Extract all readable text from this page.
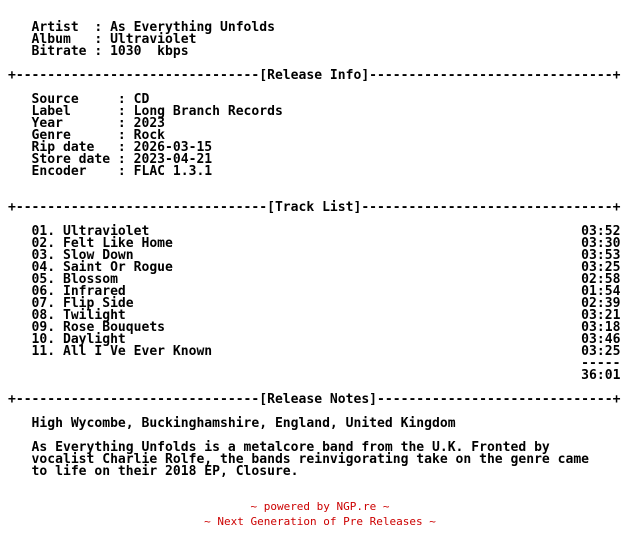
Artist  : As Everything Unfolds
Album   : Ultraviolet
Bitrate : 1030  kbps
+-------------------------------[Release Info]-------------------------------+
Source     : CD
Label      : Long Branch Records
Year       : 2023
Genre      : Rock
Rip date   : 2026-03-15
Store date : 2023-04-21
Encoder    : FLAC 1.3.1
+--------------------------------[Track List]--------------------------------+
01. Ultraviolet                                                       03:52
02. Felt Like Home                                                    03:30
03. Slow Down                                                         03:53
04. Saint Or Rogue                                                    03:25
05. Blossom                                                           02:58
06. Infrared                                                          01:54
07. Flip Side                                                         02:39
08. Twilight                                                          03:21
09. Rose Bouquets                                                     03:18
10. Daylight                                                          03:46
11. All I Ve Ever Known                                               03:25
-----
36:01
+-------------------------------[Release Notes]------------------------------+
High Wycombe, Buckinghamshire, England, United Kingdom
As Everything Unfolds is a metalcore band from the U.K. Fronted by
vocalist Charlie Rolfe, the bands reinvigorating take on the genre came
to life on their 2018 EP, Closure.
~ powered by NGP.re ~
~ Next Generation of Pre Releases ~
